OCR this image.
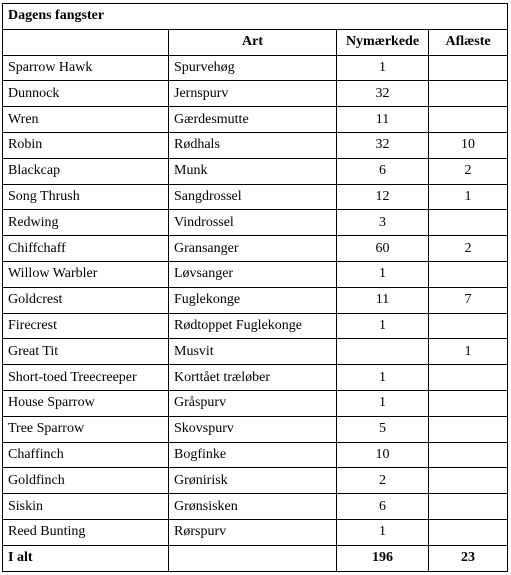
Dagens fangster			
	Art	Nymærkede	Aflæste
Sparrow Hawk	Spurvehøg	1	
Dunnock	Jernspurv	32	
Wren	Gærdesmutte	11	
Robin	Rødhals	32	10
Blackcap	Munk	6	2
Song Thrush	Sangdrossel	12	1
Redwing	Vindrossel	3	
Chiffchaff	Gransanger	60	2
Willow Warbler	Løvsanger	1	
Goldcrest	Fuglekonge	11	7
Firecrest	Rødtoppet Fuglekonge	1	
Great Tit	Musvit		1
Short-toed Treecreeper	Korttået træløber	1	
House Sparrow	Gråspurv	1	
Tree Sparrow	Skovspurv	5	
Chaffinch	Bogfinke	10	
Goldfinch	Grønirisk	2	
Siskin	Grønsisken	6	
Reed Bunting	Rørspurv	1	
I alt		196	23
